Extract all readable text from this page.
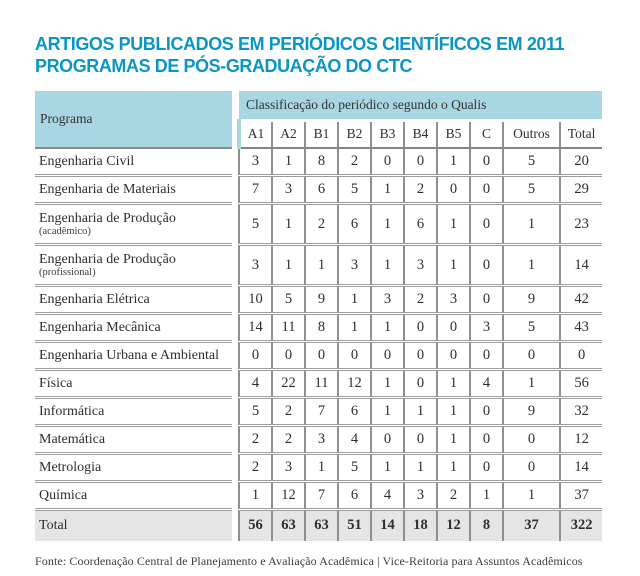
ARTIGOS PUBLICADOS EM PERIÓDICOS CIENTÍFICOS EM 2011
PROGRAMAS DE PÓS-GRADUAÇÃO DO CTC
Programa		Classificação do periódico segundo o Qualis									
		A1	A2	B1	B2	B3	B4	B5	C	Outros	Total
Engenharia Civil		3	1	8	2	0	0	1	0	5	20
Engenharia de Materiais		7	3	6	5	1	2	0	0	5	29
Engenharia de Produção
(acadêmico)		5	1	2	6	1	6	1	0	1	23
Engenharia de Produção
(profissional)		3	1	1	3	1	3	1	0	1	14
Engenharia Elétrica		10	5	9	1	3	2	3	0	9	42
Engenharia Mecânica		14	11	8	1	1	0	0	3	5	43
Engenharia Urbana e Ambiental		0	0	0	0	0	0	0	0	0	0
Física		4	22	11	12	1	0	1	4	1	56
Informática		5	2	7	6	1	1	1	0	9	32
Matemática		2	2	3	4	0	0	1	0	0	12
Metrologia		2	3	1	5	1	1	1	0	0	14
Química		1	12	7	6	4	3	2	1	1	37
Total		56	63	63	51	14	18	12	8	37	322
Fonte: Coordenação Central de Planejamento e Avaliação Acadêmica | Vice-Reitoria para Assuntos Acadêmicos
